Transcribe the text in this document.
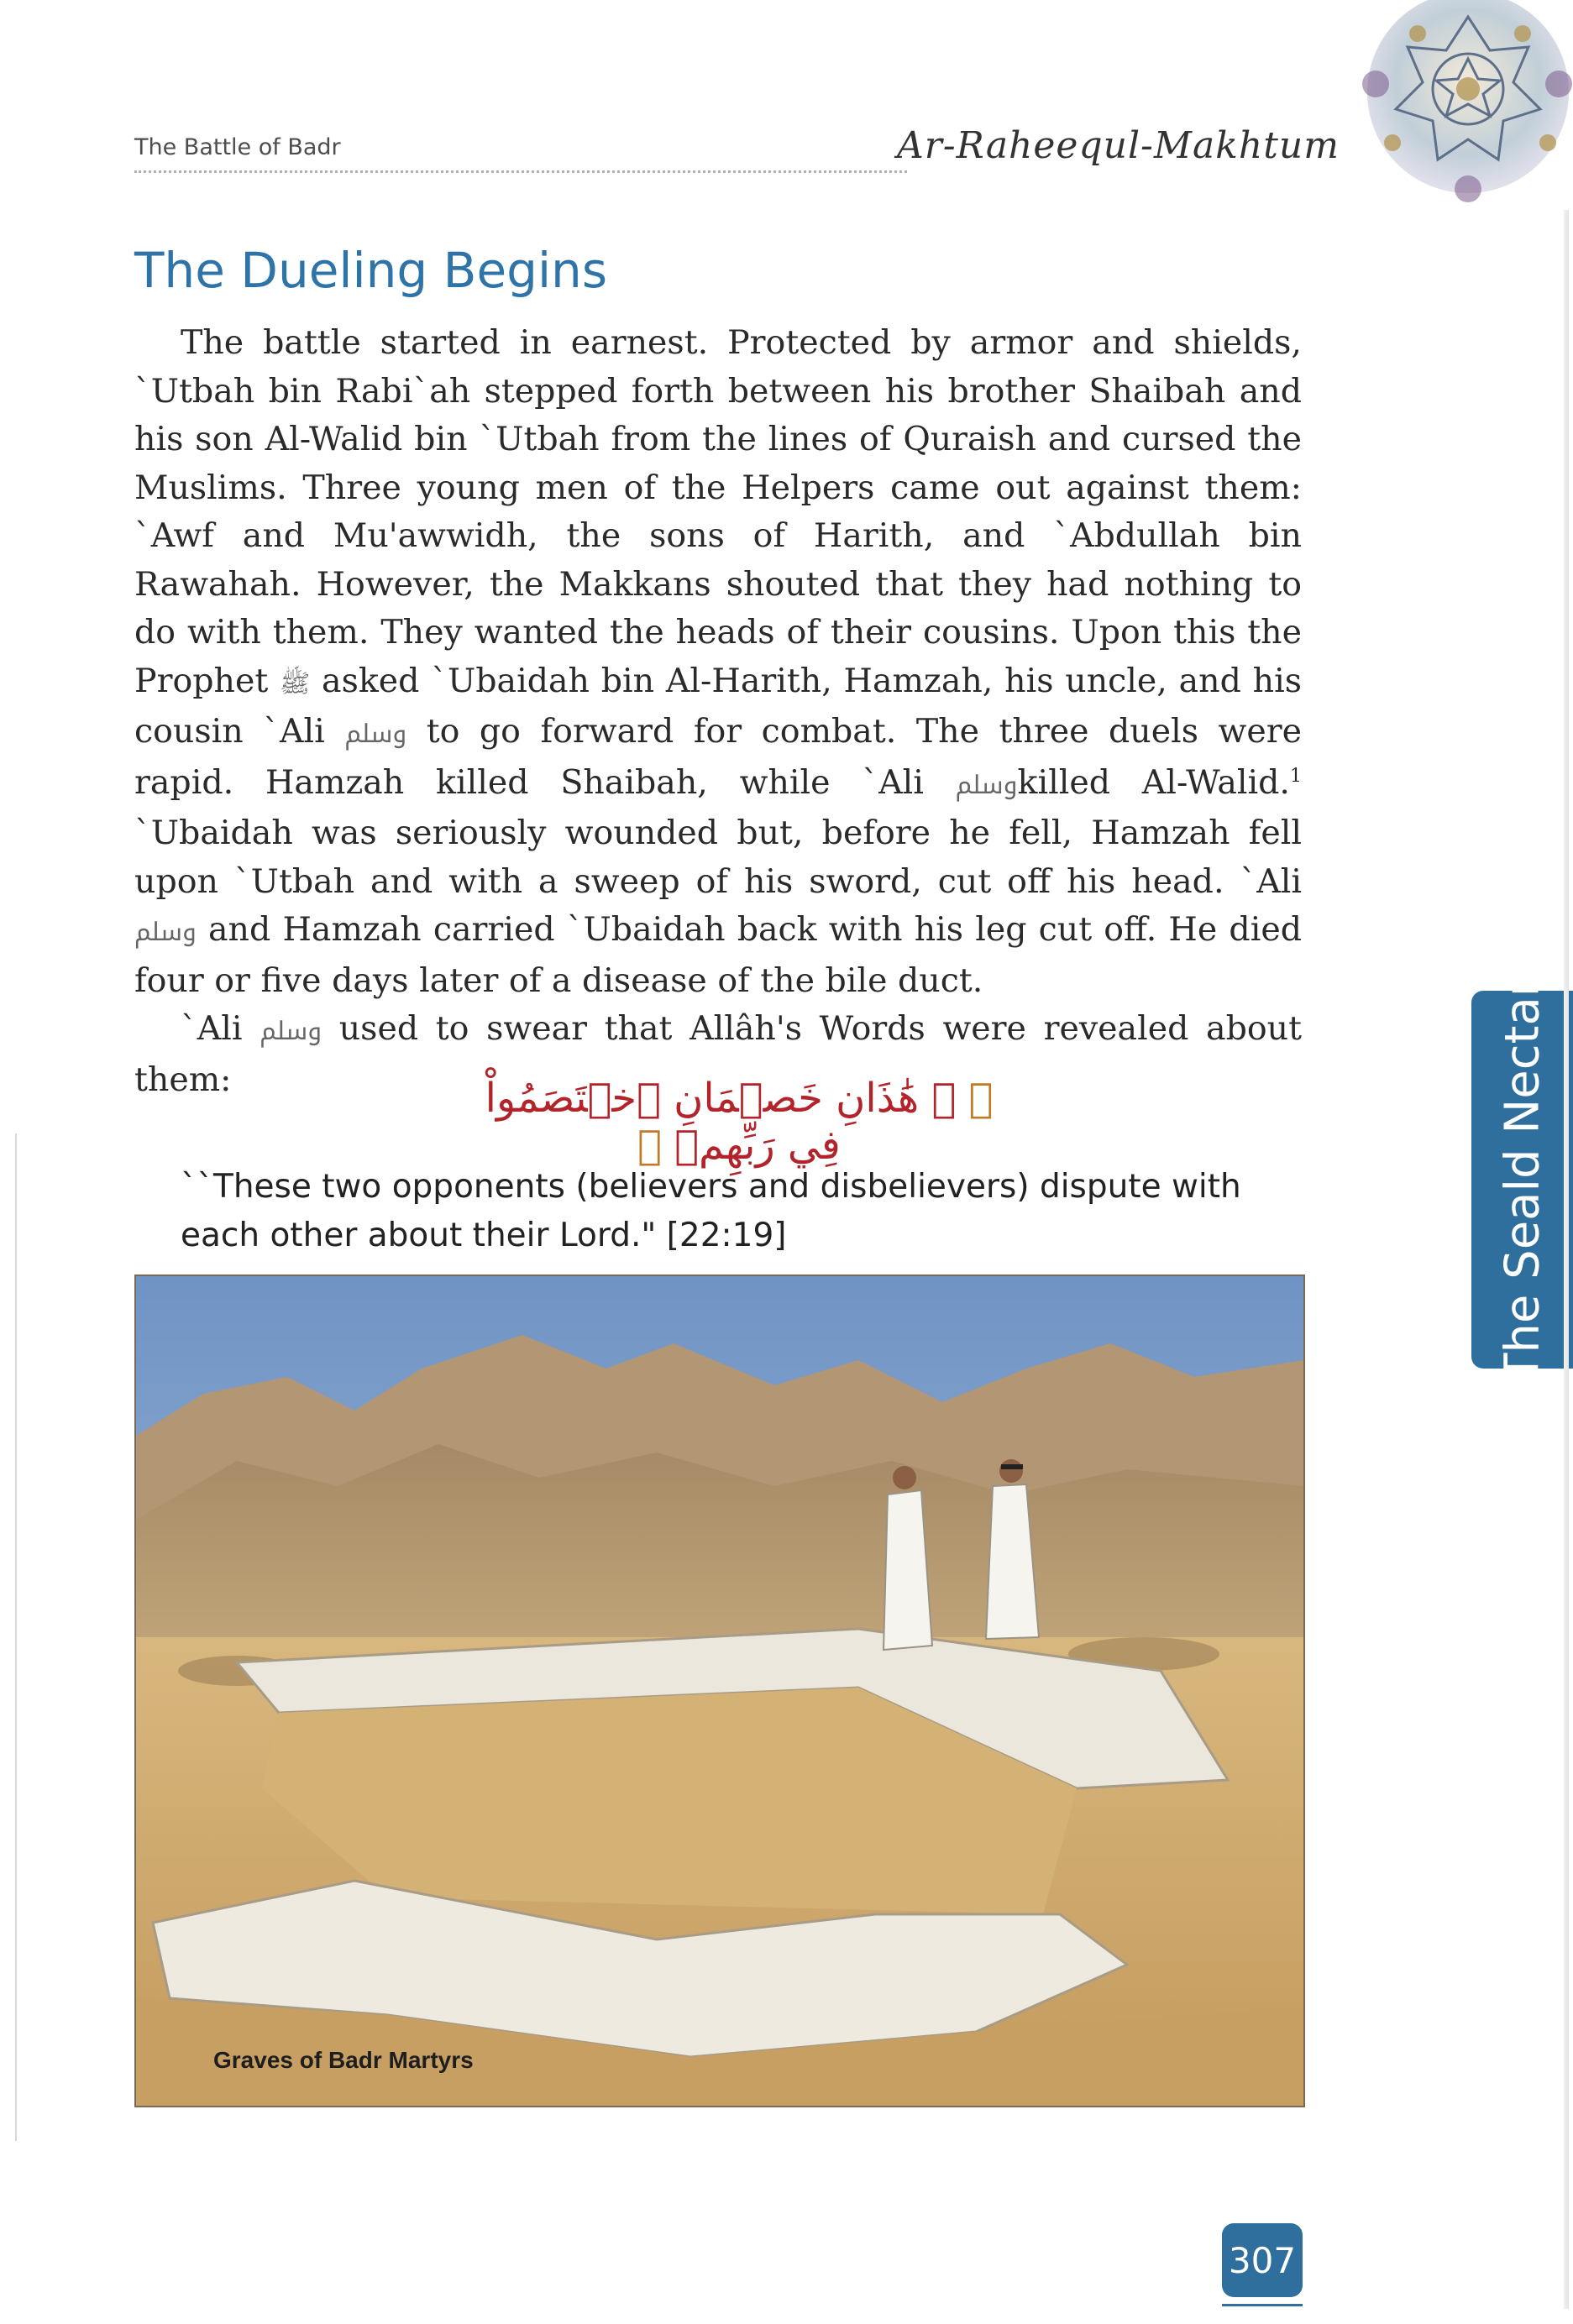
The Battle of Badr	Ar-Raheequl-Makhtum
The Dueling Begins

The battle started in earnest. Protected by armor and shields, `Utbah bin Rabi`ah stepped forth between his brother Shaibah and his son Al-Walid bin `Utbah from the lines of Quraish and cursed the Muslims. Three young men of the Helpers came out against them: `Awf and Mu'awwidh, the sons of Harith, and `Abdullah bin Rawahah. However, the Makkans shouted that they had nothing to do with them. They wanted the heads of their cousins. Upon this the Prophet ﷺ asked `Ubaidah bin Al-Harith, Hamzah, his uncle, and his cousin `Ali ﷸ to go forward for combat. The three duels were rapid. Hamzah killed Shaibah, while `Ali ﷸkilled Al-Walid.$^1$ `Ubaidah was seriously wounded but, before he fell, Hamzah fell upon `Utbah and with a sweep of his sword, cut off his head. `Ali ﷸ and Hamzah carried `Ubaidah back with his leg cut off. He died four or five days later of a disease of the bile duct.

`Ali ﷸ used to swear that Allâh's Words were revealed about them:	﴿ ۞ هَٰذَانِ خَصۡمَانِ ٱخۡتَصَمُواْ فِي رَبِّهِمۡ ﴾
``These two opponents (believers and disbelievers) dispute with each other about their Lord." [22:19]
Graves of Badr Martyrs
The Seald Nectar
307
